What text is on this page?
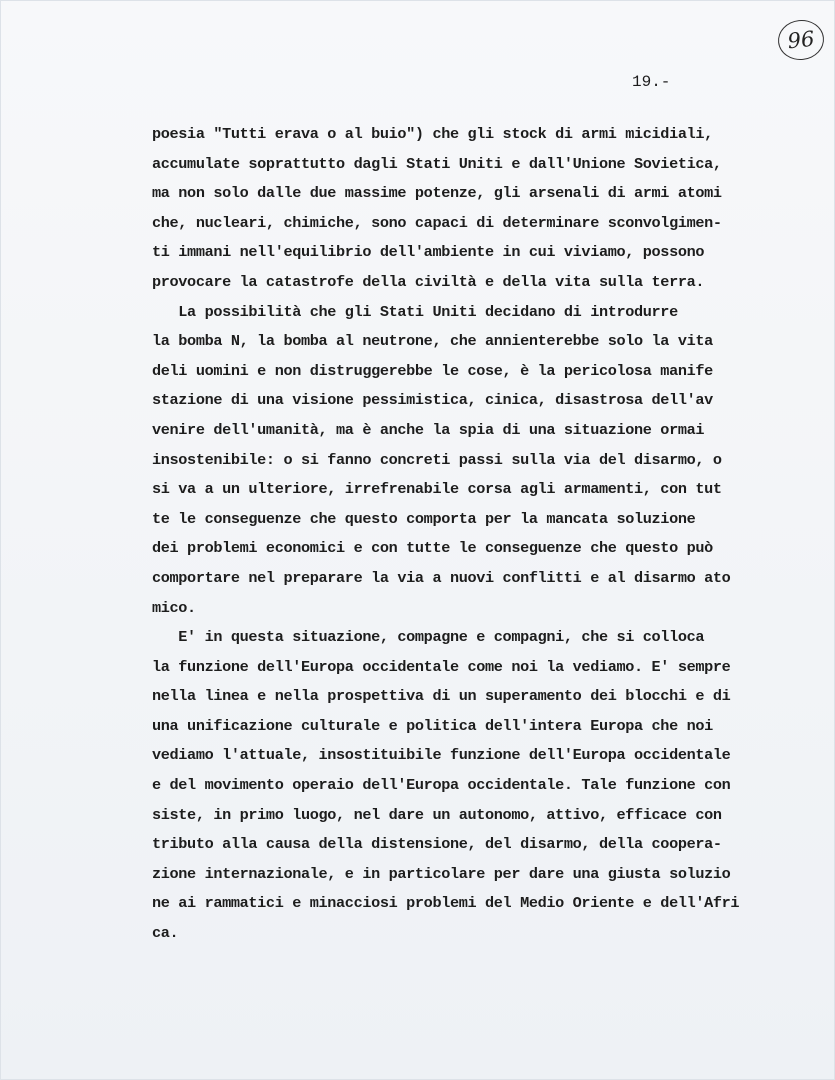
96
19.-
poesia "Tutti erava o al buio") che gli stock di armi micidiali,
accumulate soprattutto dagli Stati Uniti e dall'Unione Sovietica,
ma non solo dalle due massime potenze, gli arsenali di armi atomi
che, nucleari, chimiche, sono capaci di determinare sconvolgimen-
ti immani nell'equilibrio dell'ambiente in cui viviamo, possono
provocare la catastrofe della civiltà e della vita sulla terra.
La possibilità che gli Stati Uniti decidano di introdurre
la bomba N, la bomba al neutrone, che annienterebbe solo la vita
deli uomini e non distruggerebbe le cose, è la pericolosa manife
stazione di una visione pessimistica, cinica, disastrosa dell'av
venire dell'umanità, ma è anche la spia di una situazione ormai
insostenibile: o si fanno concreti passi sulla via del disarmo, o
si va a un ulteriore, irrefrenabile corsa agli armamenti, con tut
te le conseguenze che questo comporta per la mancata soluzione
dei problemi economici e con tutte le conseguenze che questo può
comportare nel preparare la via a nuovi conflitti e al disarmo ato
mico.
E' in questa situazione, compagne e compagni, che si colloca
la funzione dell'Europa occidentale come noi la vediamo. E' sempre
nella linea e nella prospettiva di un superamento dei blocchi e di
una unificazione culturale e politica dell'intera Europa che noi
vediamo l'attuale, insostituibile funzione dell'Europa occidentale
e del movimento operaio dell'Europa occidentale. Tale funzione con
siste, in primo luogo, nel dare un autonomo, attivo, efficace con
tributo alla causa della distensione, del disarmo, della coopera-
zione internazionale, e in particolare per dare una giusta soluzio
ne ai rammatici e minacciosi problemi del Medio Oriente e dell'Afri
ca.
